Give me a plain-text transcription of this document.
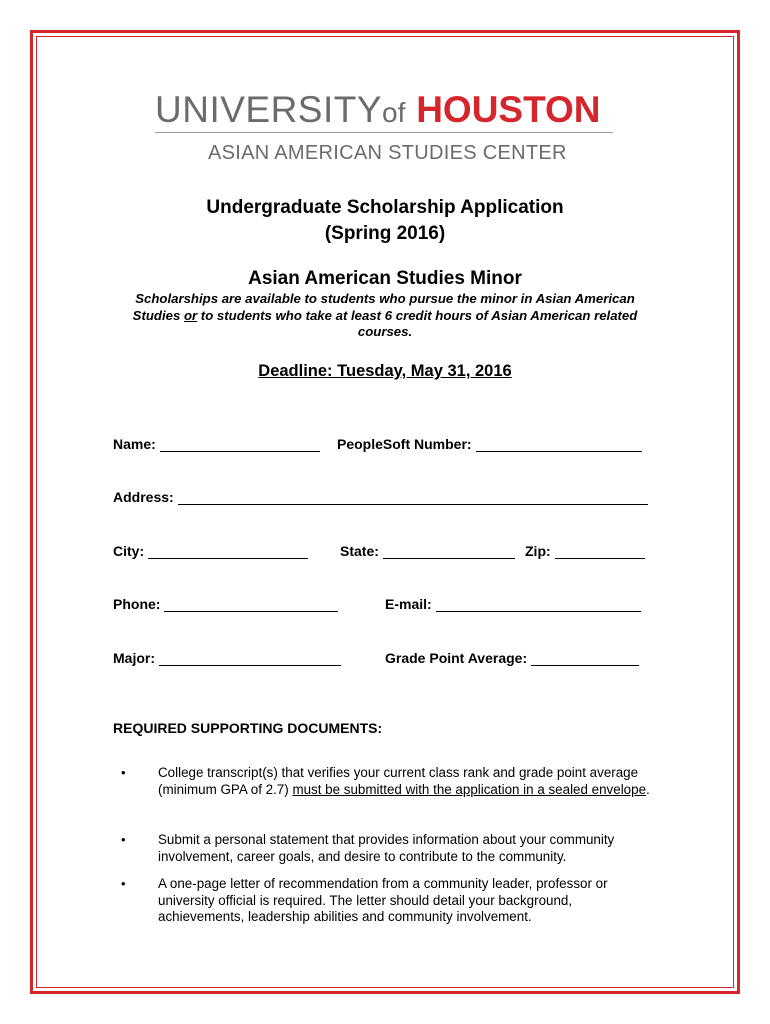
UNIVERSITYof HOUSTON
ASIAN AMERICAN STUDIES CENTER
Undergraduate Scholarship Application
(Spring 2016)
Asian American Studies Minor
Scholarships are available to students who pursue the minor in Asian American Studies or to students who take at least 6 credit hours of Asian American related courses.
Deadline: Tuesday, May 31, 2016
Name:	PeopleSoft Number:
Address:
City:	State:	Zip:
Phone:	E-mail:
Major:	Grade Point Average:
REQUIRED SUPPORTING DOCUMENTS:
•	College transcript(s) that verifies your current class rank and grade point average (minimum GPA of 2.7) must be submitted with the application in a sealed envelope.
•	Submit a personal statement that provides information about your community involvement, career goals, and desire to contribute to the community.
•	A one-page letter of recommendation from a community leader, professor or university official is required. The letter should detail your background, achievements, leadership abilities and community involvement.
